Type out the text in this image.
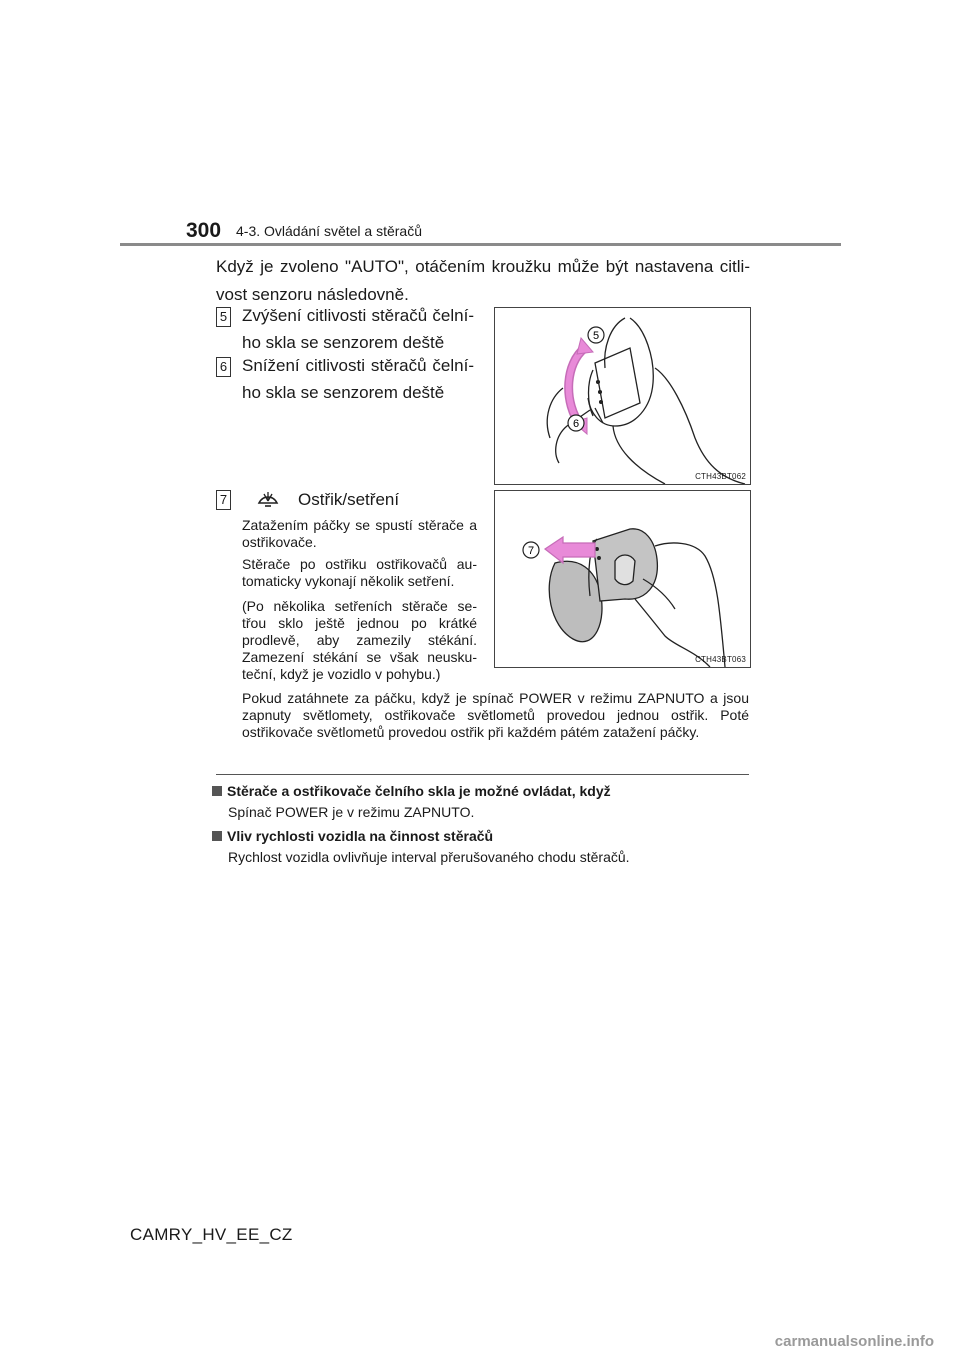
300 4-3. Ovládání světel a stěračů
Když je zvoleno "AUTO", otáčením kroužku může být nastavena citli-vost senzoru následovně.
5 Zvýšení citlivosti stěračů čelní-ho skla se senzorem deště
6 Snížení citlivosti stěračů čelní-ho skla se senzorem deště
5
6
CTH43BT062
7	Ostřik/setření
Zatažením páčky se spustí stěrače a ostřikovače.
Stěrače po ostřiku ostřikovačů au-tomaticky vykonají několik setření.
(Po několika setřeních stěrače se-třou sklo ještě jednou po krátké prodlevě, aby zamezily stékání. Zamezení stékání se však neusku-teční, když je vozidlo v pohybu.)
7
CTH43BT063
Pokud zatáhnete za páčku, když je spínač POWER v režimu ZAPNUTO a jsou zapnuty světlomety, ostřikovače světlometů provedou jednou ostřik. Poté ostřikovače světlometů provedou ostřik při každém pátém zatažení páčky.
Stěrače a ostřikovače čelního skla je možné ovládat, když
Spínač POWER je v režimu ZAPNUTO.
Vliv rychlosti vozidla na činnost stěračů
Rychlost vozidla ovlivňuje interval přerušovaného chodu stěračů.
CAMRY_HV_EE_CZ
carmanualsonline.info
